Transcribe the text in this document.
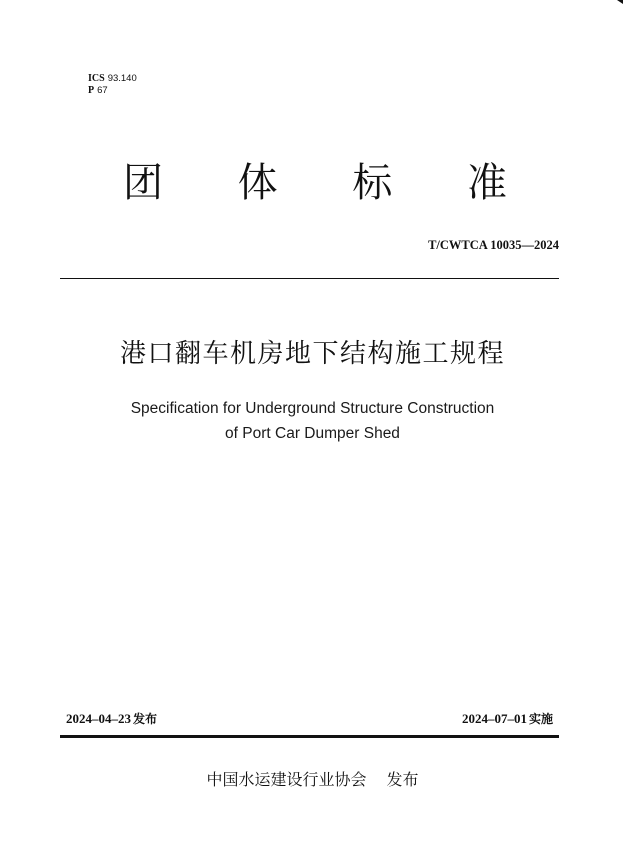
ICS 93.140
P 67
团 体 标 准
T/CWTCA 10035—2024
港口翻车机房地下结构施工规程
Specification for Underground Structure Construction
of Port Car Dumper Shed
2024–04–23 发布	2024–07–01 实施
中国水运建设行业协会 发布
